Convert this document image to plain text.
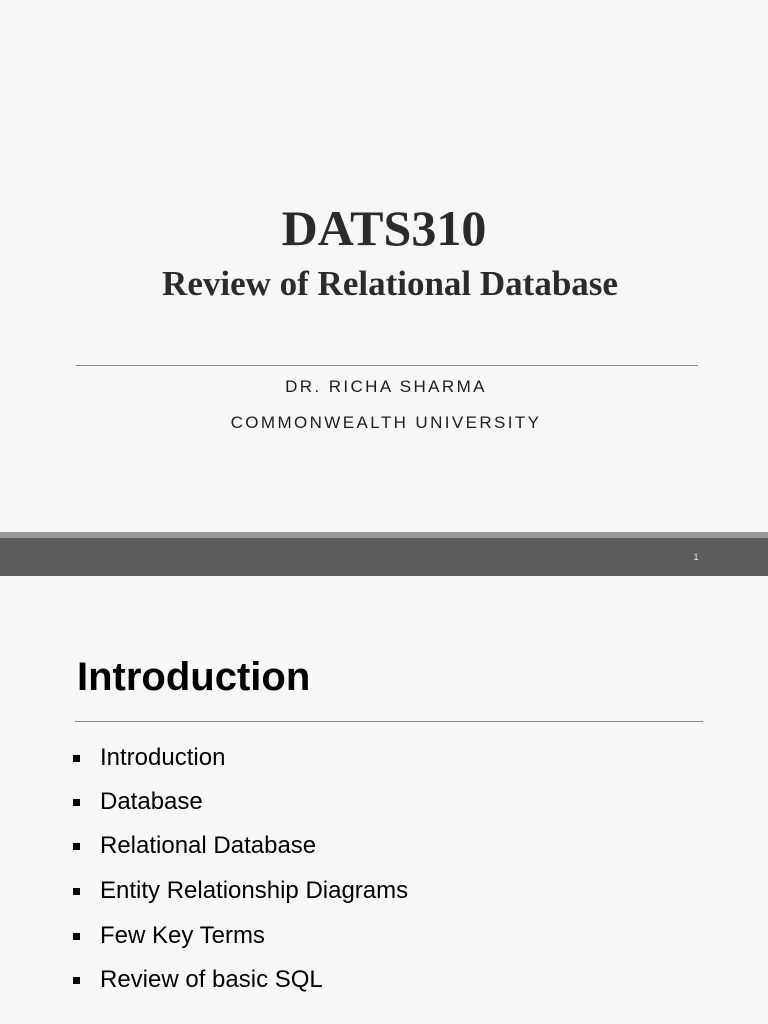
DATS310
Review of Relational Database
DR. RICHA SHARMA
COMMONWEALTH UNIVERSITY
1
Introduction
Introduction
Database
Relational Database
Entity Relationship Diagrams
Few Key Terms
Review of basic SQL
